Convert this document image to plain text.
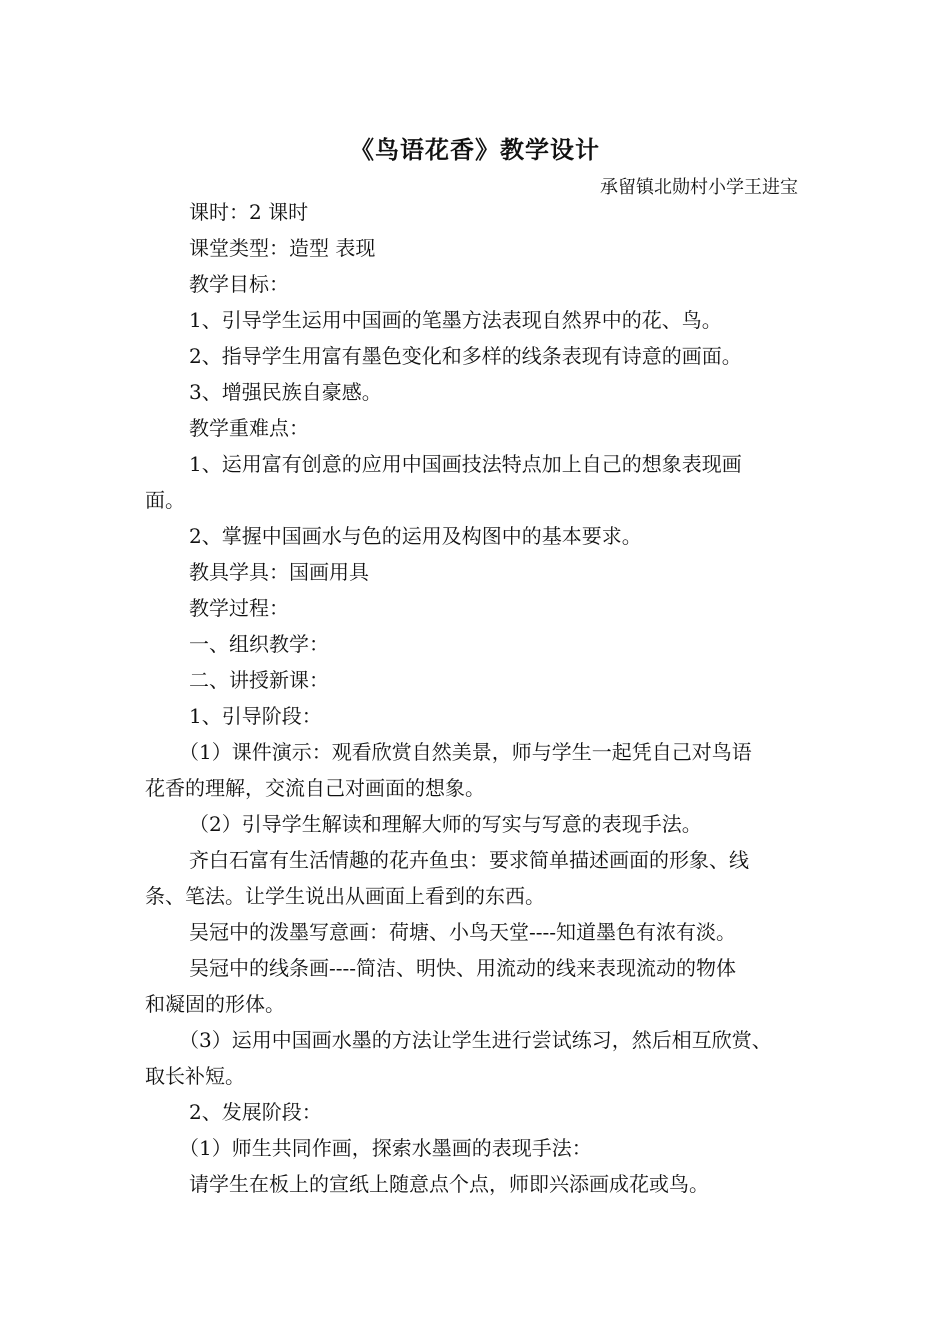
《鸟语花香》教学设计
承留镇北勋村小学王进宝

课时：2 课时

课堂类型：造型 表现

教学目标：

1、引导学生运用中国画的笔墨方法表现自然界中的花、鸟。

2、指导学生用富有墨色变化和多样的线条表现有诗意的画面。

3、增强民族自豪感。

教学重难点：

1、运用富有创意的应用中国画技法特点加上自己的想象表现画

面。

2、掌握中国画水与色的运用及构图中的基本要求。

教具学具：国画用具

教学过程：

一、组织教学：

二、讲授新课：

1、引导阶段：

（1）课件演示：观看欣赏自然美景，师与学生一起凭自己对鸟语

花香的理解，交流自己对画面的想象。

（2）引导学生解读和理解大师的写实与写意的表现手法。

齐白石富有生活情趣的花卉鱼虫：要求简单描述画面的形象、线

条、笔法。让学生说出从画面上看到的东西。

吴冠中的泼墨写意画：荷塘、小鸟天堂----知道墨色有浓有淡。

吴冠中的线条画----简洁、明快、用流动的线来表现流动的物体

和凝固的形体。

（3）运用中国画水墨的方法让学生进行尝试练习，然后相互欣赏、

取长补短。

2、发展阶段：

（1）师生共同作画，探索水墨画的表现手法：

请学生在板上的宣纸上随意点个点，师即兴添画成花或鸟。
